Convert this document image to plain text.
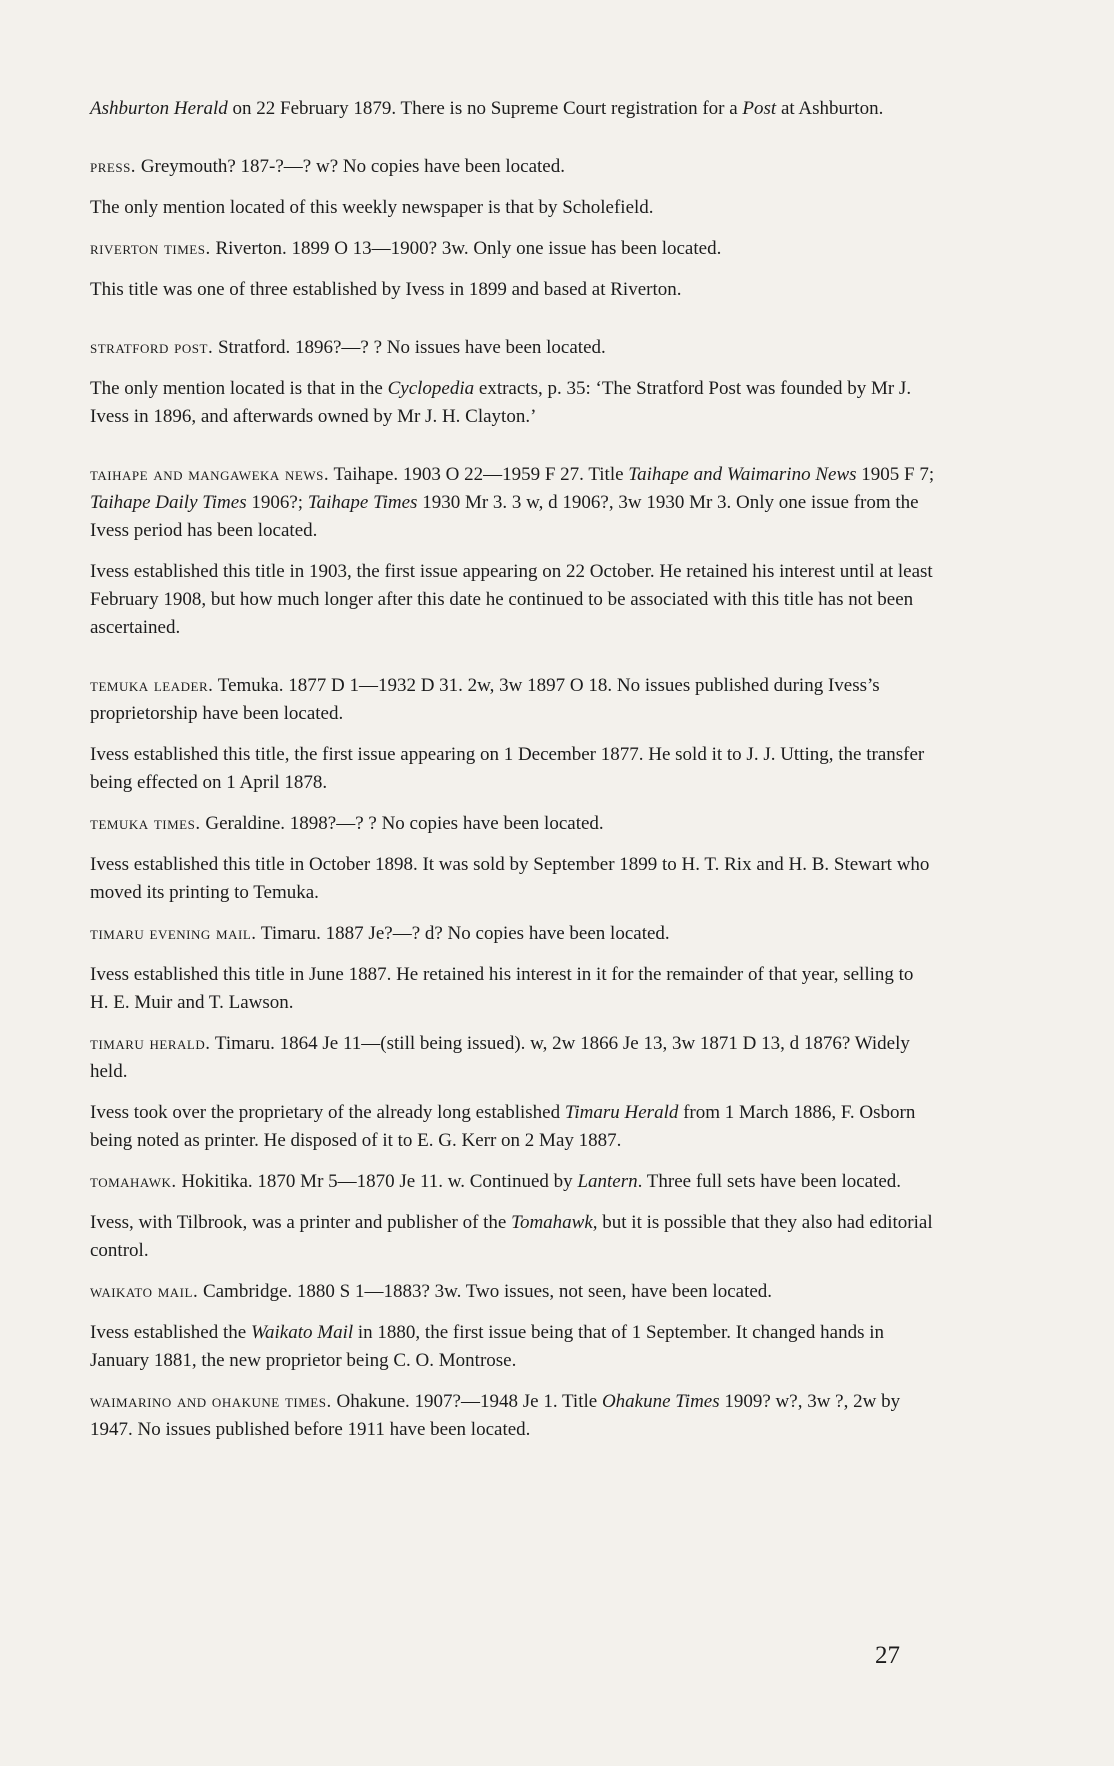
Ashburton Herald on 22 February 1879. There is no Supreme Court registration for a Post at Ashburton.

press. Greymouth? 187-?—? w? No copies have been located.

The only mention located of this weekly newspaper is that by Scholefield.

riverton times. Riverton. 1899 O 13—1900? 3w. Only one issue has been located.

This title was one of three established by Ivess in 1899 and based at Riverton.

stratford post. Stratford. 1896?—? ? No issues have been located.

The only mention located is that in the Cyclopedia extracts, p. 35: ‘The Stratford Post was founded by Mr J. Ivess in 1896, and afterwards owned by Mr J. H. Clayton.’

taihape and mangaweka news. Taihape. 1903 O 22—1959 F 27. Title Taihape and Waimarino News 1905 F 7; Taihape Daily Times 1906?; Taihape Times 1930 Mr 3. 3 w, d 1906?, 3w 1930 Mr 3. Only one issue from the Ivess period has been located.

Ivess established this title in 1903, the first issue appearing on 22 October. He retained his interest until at least February 1908, but how much longer after this date he continued to be associated with this title has not been ascertained.

temuka leader. Temuka. 1877 D 1—1932 D 31. 2w, 3w 1897 O 18. No issues published during Ivess’s proprietorship have been located.

Ivess established this title, the first issue appearing on 1 December 1877. He sold it to J. J. Utting, the transfer being effected on 1 April 1878.

temuka times. Geraldine. 1898?—? ? No copies have been located.

Ivess established this title in October 1898. It was sold by September 1899 to H. T. Rix and H. B. Stewart who moved its printing to Temuka.

timaru evening mail. Timaru. 1887 Je?—? d? No copies have been located.

Ivess established this title in June 1887. He retained his interest in it for the remainder of that year, selling to H. E. Muir and T. Lawson.

timaru herald. Timaru. 1864 Je 11—(still being issued). w, 2w 1866 Je 13, 3w 1871 D 13, d 1876? Widely held.

Ivess took over the proprietary of the already long established Timaru Herald from 1 March 1886, F. Osborn being noted as printer. He disposed of it to E. G. Kerr on 2 May 1887.

tomahawk. Hokitika. 1870 Mr 5—1870 Je 11. w. Continued by Lantern. Three full sets have been located.

Ivess, with Tilbrook, was a printer and publisher of the Tomahawk, but it is possible that they also had editorial control.

waikato mail. Cambridge. 1880 S 1—1883? 3w. Two issues, not seen, have been located.

Ivess established the Waikato Mail in 1880, the first issue being that of 1 September. It changed hands in January 1881, the new proprietor being C. O. Montrose.

waimarino and ohakune times. Ohakune. 1907?—1948 Je 1. Title Ohakune Times 1909? w?, 3w ?, 2w by 1947. No issues published before 1911 have been located.

27
